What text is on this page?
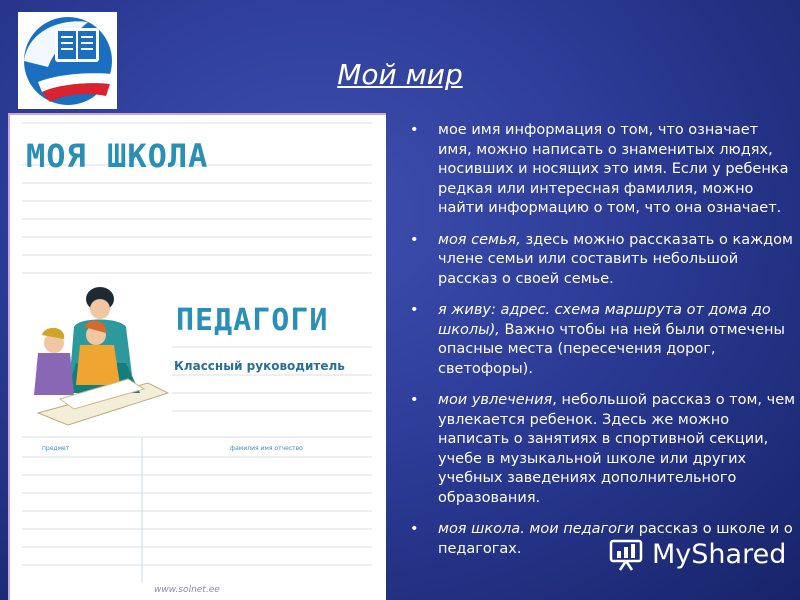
Мой мир
МОЯ ШКОЛА
ПЕДАГОГИ
Классный руководитель
предмет	фамилия имя отчество
www.solnet.ee
• мое имя информация о том, что означает имя, можно написать о знаменитых людях, носивших и носящих это имя. Если у ребенка редкая или интересная фамилия, можно найти информацию о том, что она означает.
• моя семья, здесь можно рассказать о каждом члене семьи или составить небольшой рассказ о своей семье.
• я живу: адрес. схема маршрута от дома до школы), Важно чтобы на ней были отмечены опасные места (пересечения дорог, светофоры).
• мои увлечения, небольшой рассказ о том, чем увлекается ребенок. Здесь же можно написать о занятиях в спортивной секции, учебе в музыкальной школе или других учебных заведениях дополнительного образования.
• моя школа. мои педагоги рассказ о школе и о педагогах.	MyShared
